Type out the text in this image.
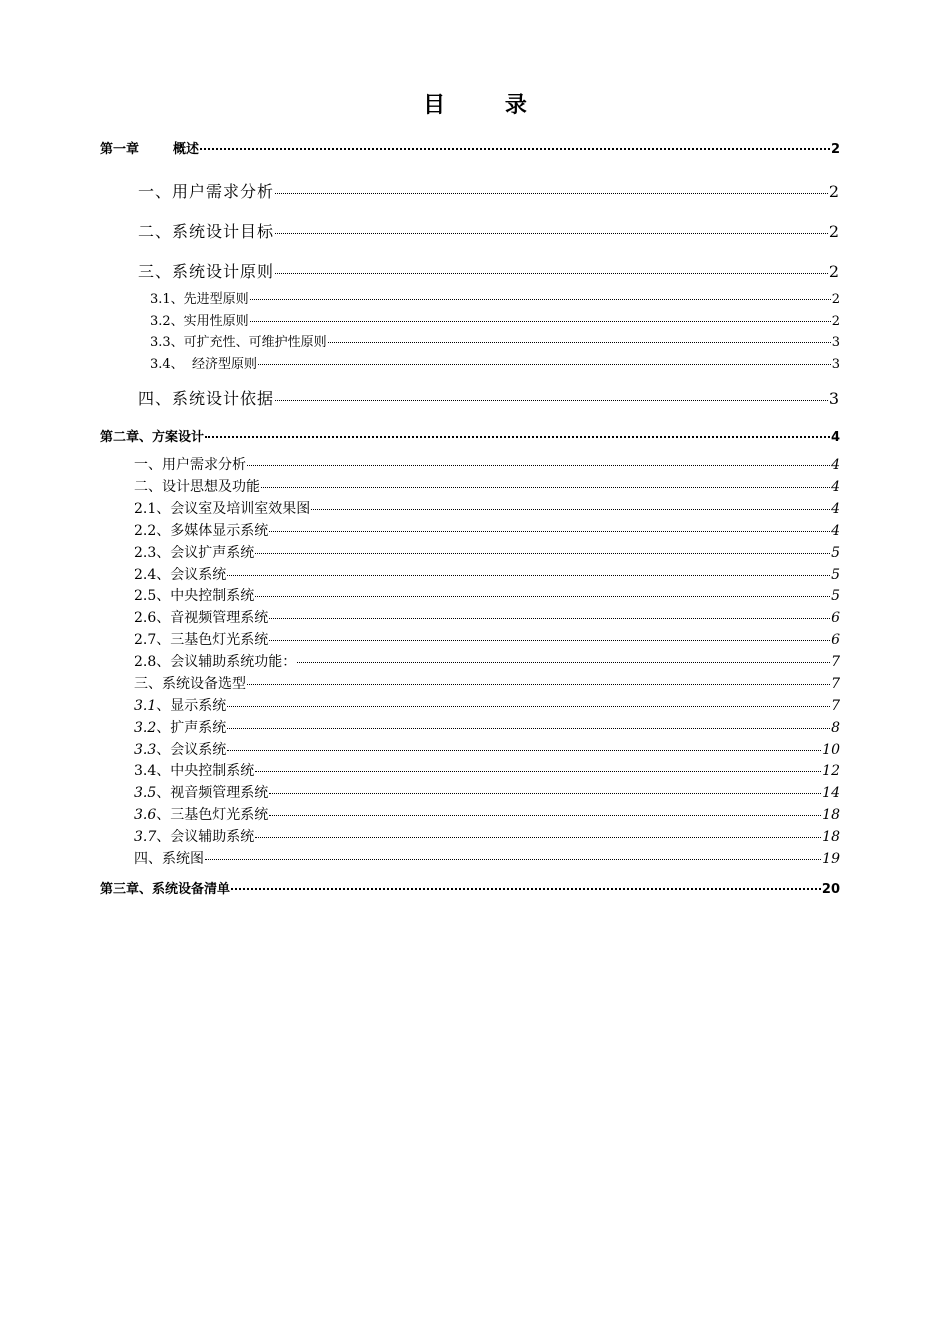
目 录
第一章	概述	2
一、用户需求分析	2
二、系统设计目标	2
三、系统设计原则	2
3.1、先进型原则	2
3.2、实用性原则	2
3.3、可扩充性、可维护性原则	3
3.4、  经济型原则	3
四、系统设计依据	3
第二章、方案设计	4
一、用户需求分析	4
二、设计思想及功能	4
2.1、会议室及培训室效果图	4
2.2、多媒体显示系统	4
2.3、会议扩声系统	5
2.4、会议系统	5
2.5、中央控制系统	5
2.6、音视频管理系统	6
2.7、三基色灯光系统	6
2.8、会议辅助系统功能：	7
三、系统设备选型	7
3.1、显示系统	7
3.2、扩声系统	8
3.3、会议系统	10
3.4、中央控制系统	12
3.5、视音频管理系统	14
3.6、三基色灯光系统	18
3.7、会议辅助系统	18
四、系统图	19
第三章、系统设备清单	20
